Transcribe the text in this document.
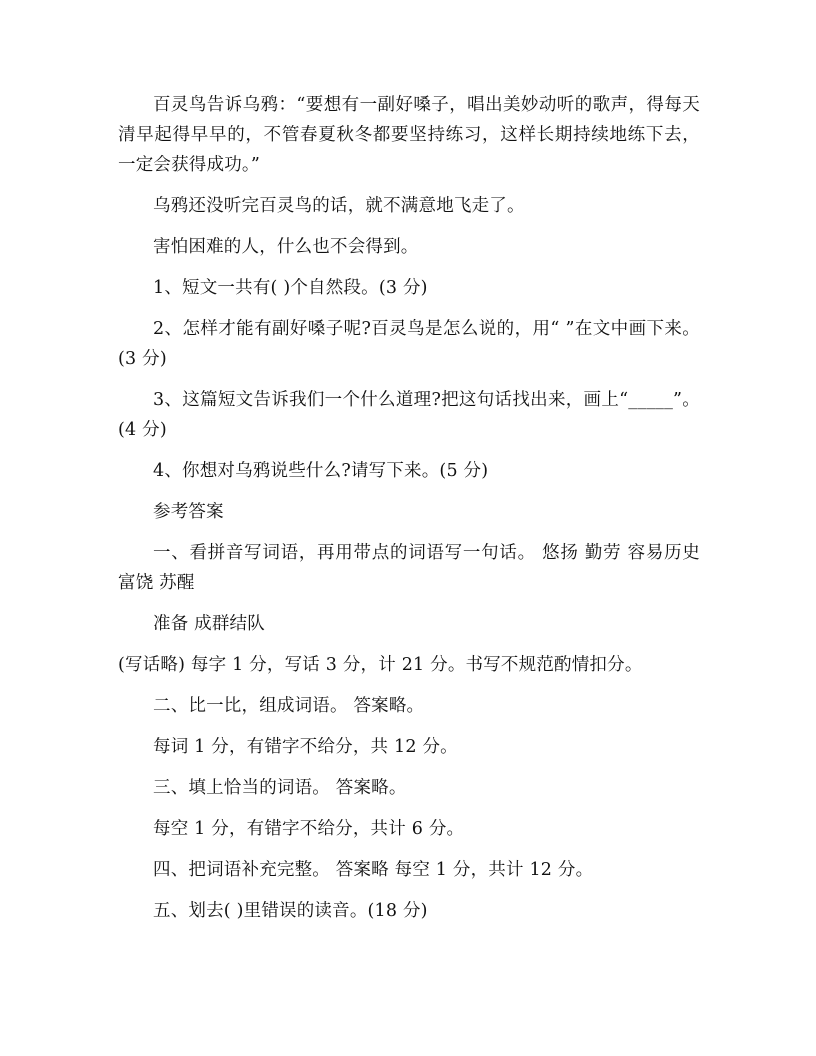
百灵鸟告诉乌鸦：“要想有一副好嗓子，唱出美妙动听的歌声，得每天清早起得早早的，不管春夏秋冬都要坚持练习，这样长期持续地练下去，一定会获得成功。”

乌鸦还没听完百灵鸟的话，就不满意地飞走了。

害怕困难的人，什么也不会得到。

1、短文一共有( )个自然段。(3 分)

2、怎样才能有副好嗓子呢?百灵鸟是怎么说的，用“ ”在文中画下来。 (3 分)

3、这篇短文告诉我们一个什么道理?把这句话找出来，画上“_____”。(4 分)

4、你想对乌鸦说些什么?请写下来。(5 分)

参考答案

一、看拼音写词语，再用带点的词语写一句话。 悠扬 勤劳 容易历史 富饶 苏醒

准备 成群结队

(写话略) 每字 1 分，写话 3 分，计 21 分。书写不规范酌情扣分。

二、比一比，组成词语。 答案略。

每词 1 分，有错字不给分，共 12 分。

三、填上恰当的词语。 答案略。

每空 1 分，有错字不给分，共计 6 分。

四、把词语补充完整。 答案略 每空 1 分，共计 12 分。

五、划去( )里错误的读音。(18 分)
